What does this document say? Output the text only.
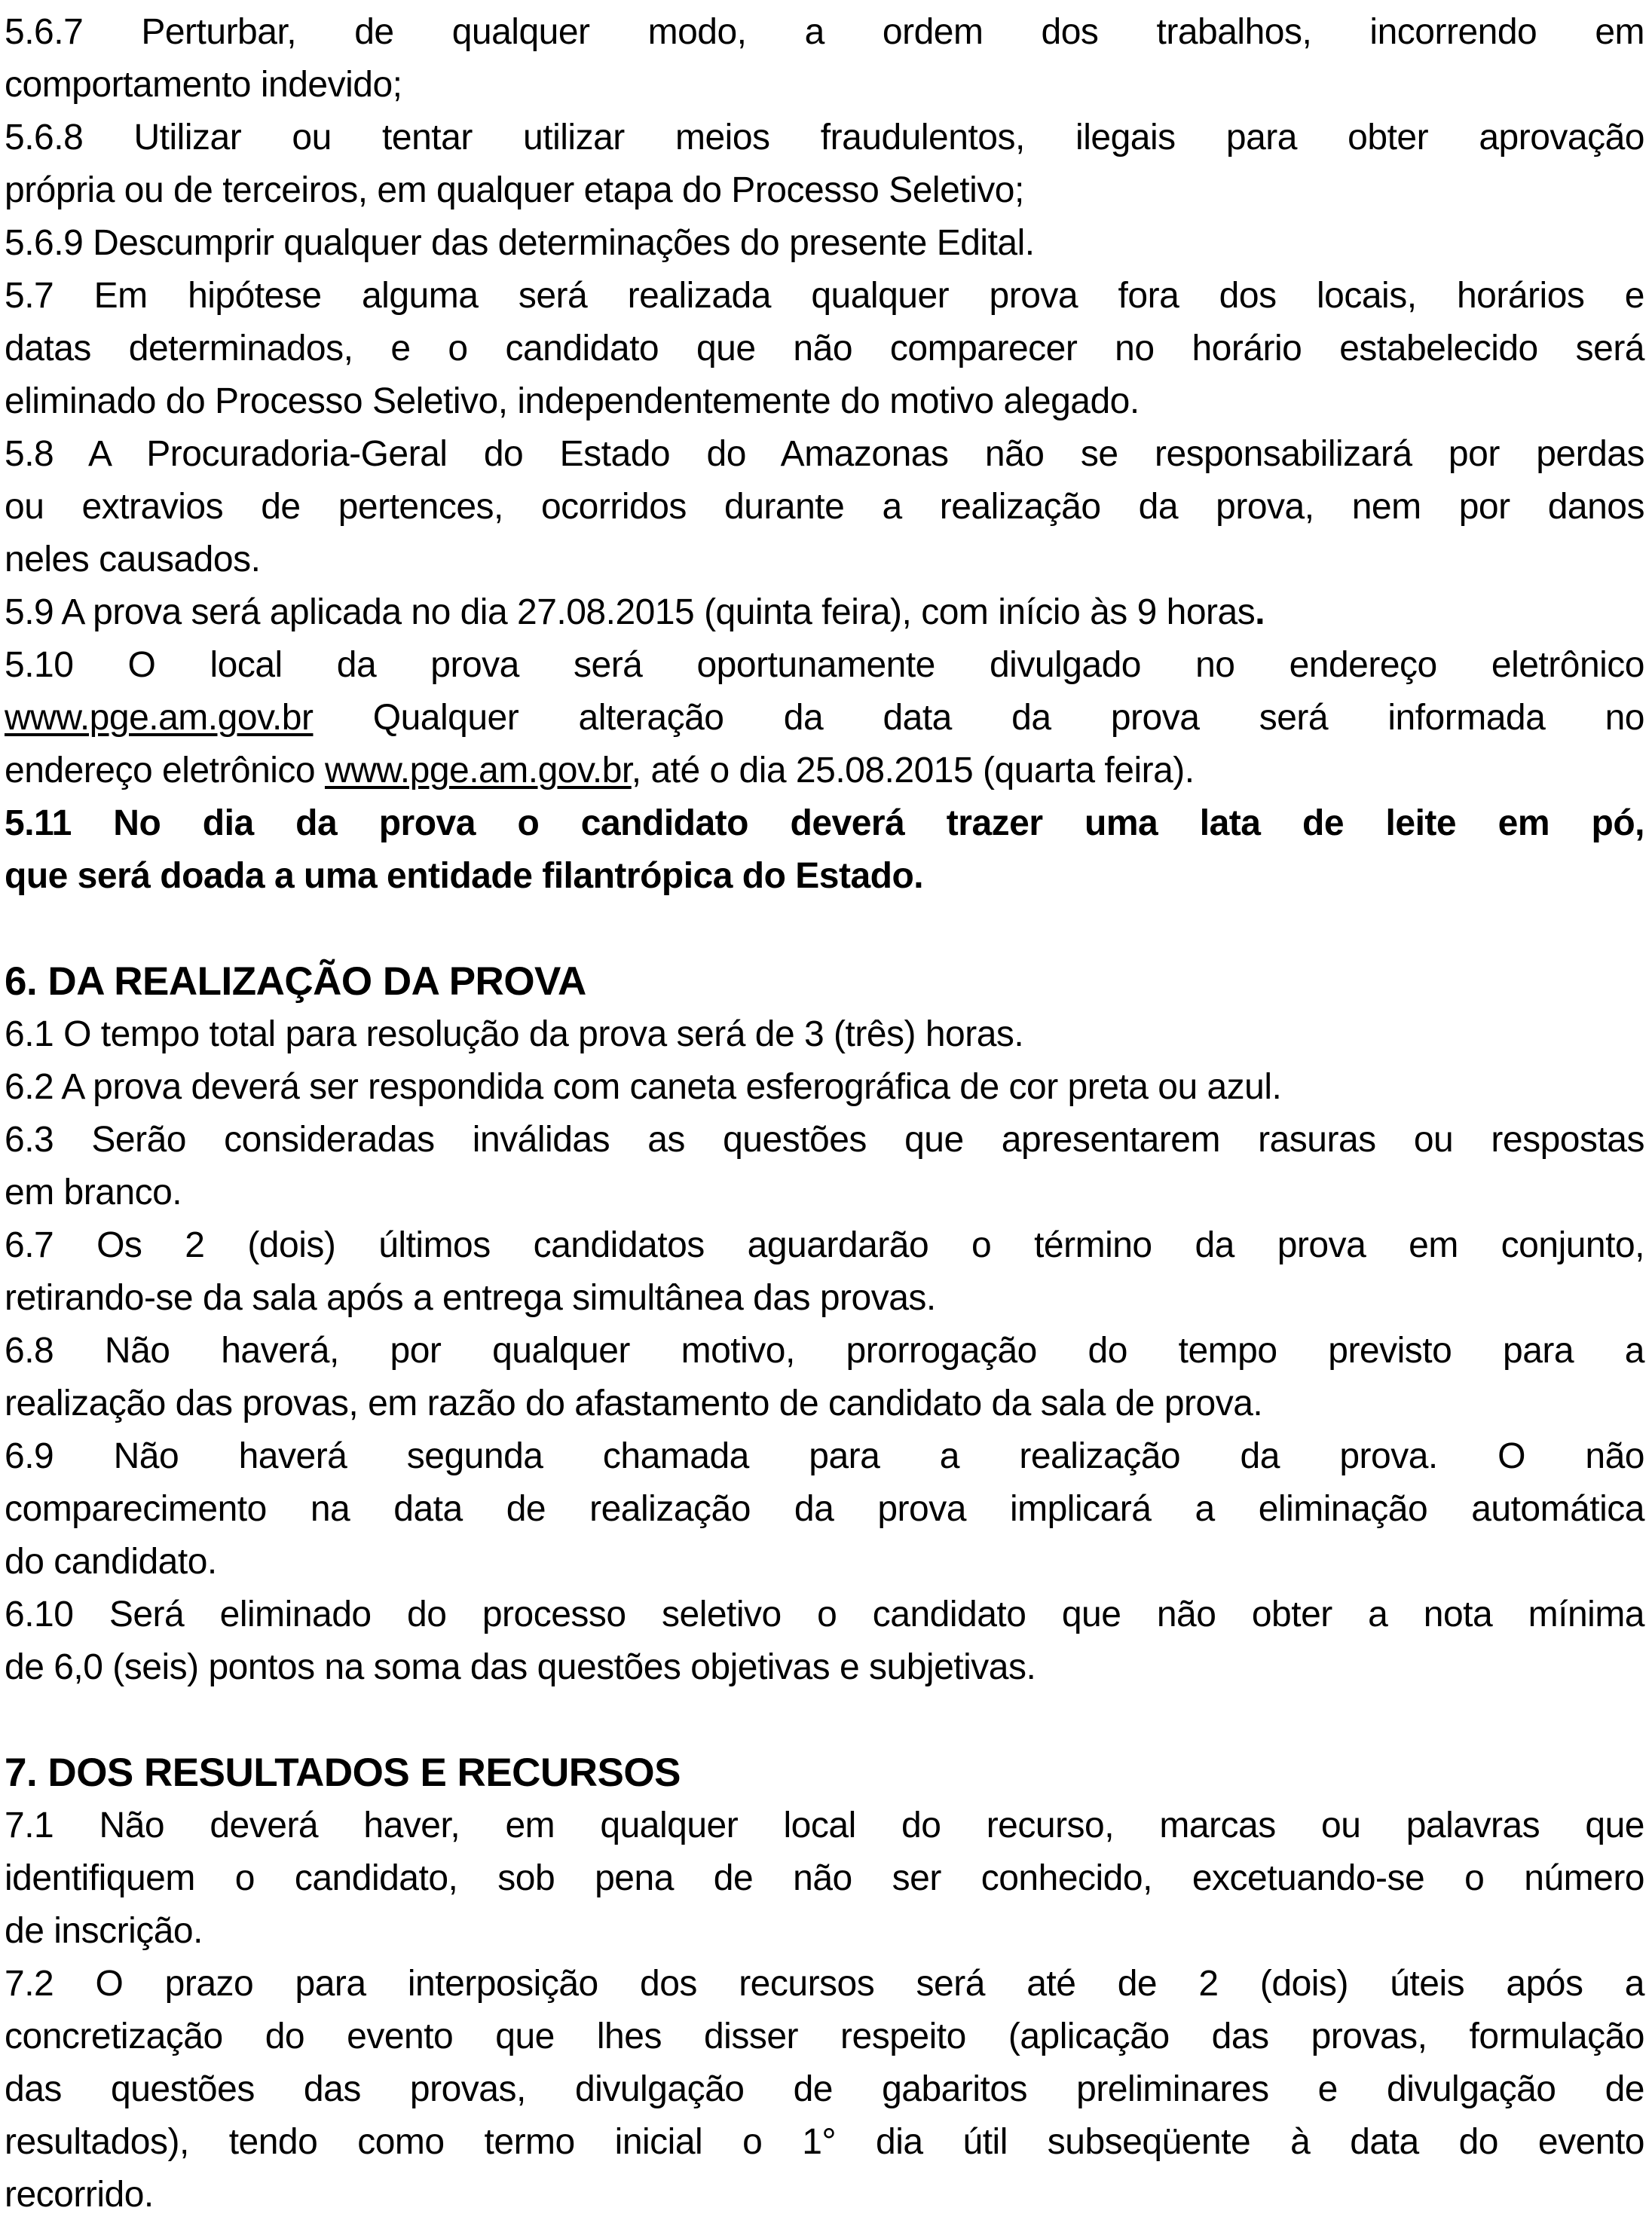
5.6.7 Perturbar, de qualquer modo, a ordem dos trabalhos, incorrendo em
comportamento indevido;
5.6.8 Utilizar ou tentar utilizar meios fraudulentos, ilegais para obter aprovação
própria ou de terceiros, em qualquer etapa do Processo Seletivo;
5.6.9 Descumprir qualquer das determinações do presente Edital.
5.7 Em hipótese alguma será realizada qualquer prova fora dos locais, horários e
datas determinados, e o candidato que não comparecer no horário estabelecido será
eliminado do Processo Seletivo, independentemente do motivo alegado.
5.8 A Procuradoria-Geral do Estado do Amazonas não se responsabilizará por perdas
ou extravios de pertences, ocorridos durante a realização da prova, nem por danos
neles causados.
5.9 A prova será aplicada no dia 27.08.2015 (quinta feira), com início às 9 horas.
5.10 O local da prova será oportunamente divulgado no endereço eletrônico
www.pge.am.gov.br Qualquer alteração da data da prova será informada no
endereço eletrônico www.pge.am.gov.br, até o dia 25.08.2015 (quarta feira).
5.11 No dia da prova o candidato deverá trazer uma lata de leite em pó,
que será doada a uma entidade filantrópica do Estado.
6. DA REALIZAÇÃO DA PROVA
6.1 O tempo total para resolução da prova será de 3 (três) horas.
6.2 A prova deverá ser respondida com caneta esferográfica de cor preta ou azul.
6.3 Serão consideradas inválidas as questões que apresentarem rasuras ou respostas
em branco.
6.7 Os 2 (dois) últimos candidatos aguardarão o término da prova em conjunto,
retirando-se da sala após a entrega simultânea das provas.
6.8 Não haverá, por qualquer motivo, prorrogação do tempo previsto para a
realização das provas, em razão do afastamento de candidato da sala de prova.
6.9 Não haverá segunda chamada para a realização da prova. O não
comparecimento na data de realização da prova implicará a eliminação automática
do candidato.
6.10 Será eliminado do processo seletivo o candidato que não obter a nota mínima
de 6,0 (seis) pontos na soma das questões objetivas e subjetivas.
7. DOS RESULTADOS E RECURSOS
7.1 Não deverá haver, em qualquer local do recurso, marcas ou palavras que
identifiquem o candidato, sob pena de não ser conhecido, excetuando-se o número
de inscrição.
7.2 O prazo para interposição dos recursos será até de 2 (dois) úteis após a
concretização do evento que lhes disser respeito (aplicação das provas, formulação
das questões das provas, divulgação de gabaritos preliminares e divulgação de
resultados), tendo como termo inicial o 1° dia útil subseqüente à data do evento
recorrido.
